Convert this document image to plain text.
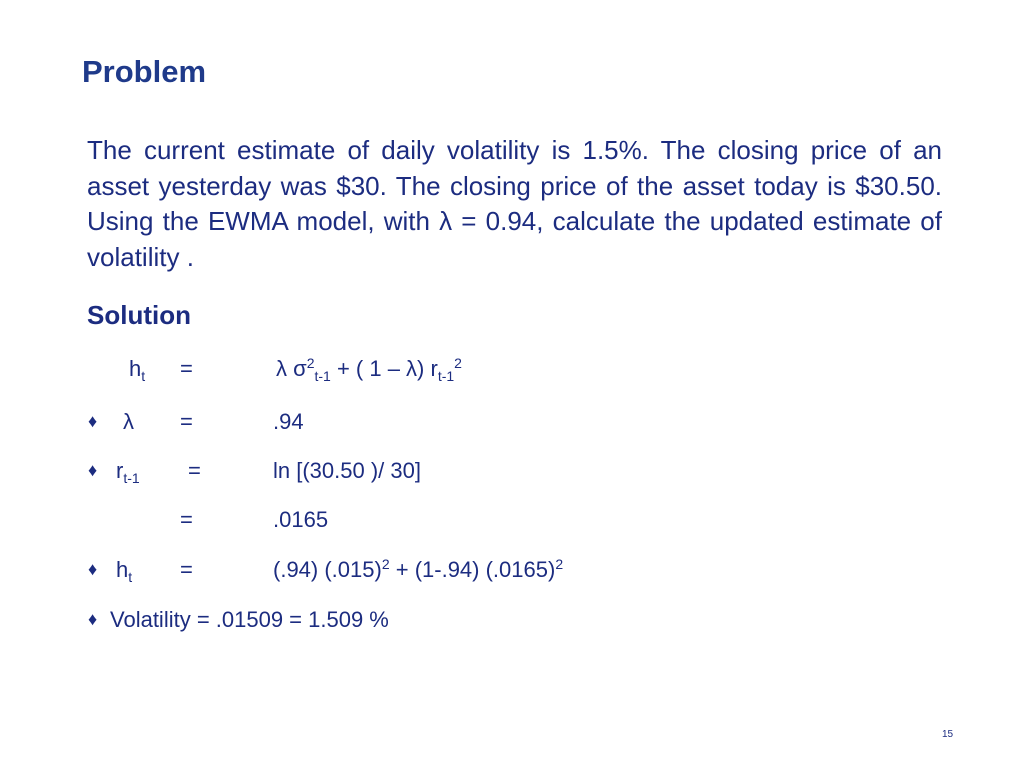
Problem
The current estimate of daily volatility is 1.5%. The closing price of an asset yesterday was $30. The closing price of the asset today is $30.50. Using the EWMA model, with λ = 0.94, calculate the updated estimate of volatility .
Solution
$h_t$ =	λ $\sigma^2_{t-1}$ + ( 1 – λ) $r_{t-1}^2$
♦ λ =	.94
♦ $r_{t-1}$ =	ln [(30.50 )/ 30]
=	.0165
♦ $h_t$ =	(.94) $(.015)^2 + (1-.94)$ $(.0165)^2$
♦ Volatility = .01509 = 1.509 %
15
